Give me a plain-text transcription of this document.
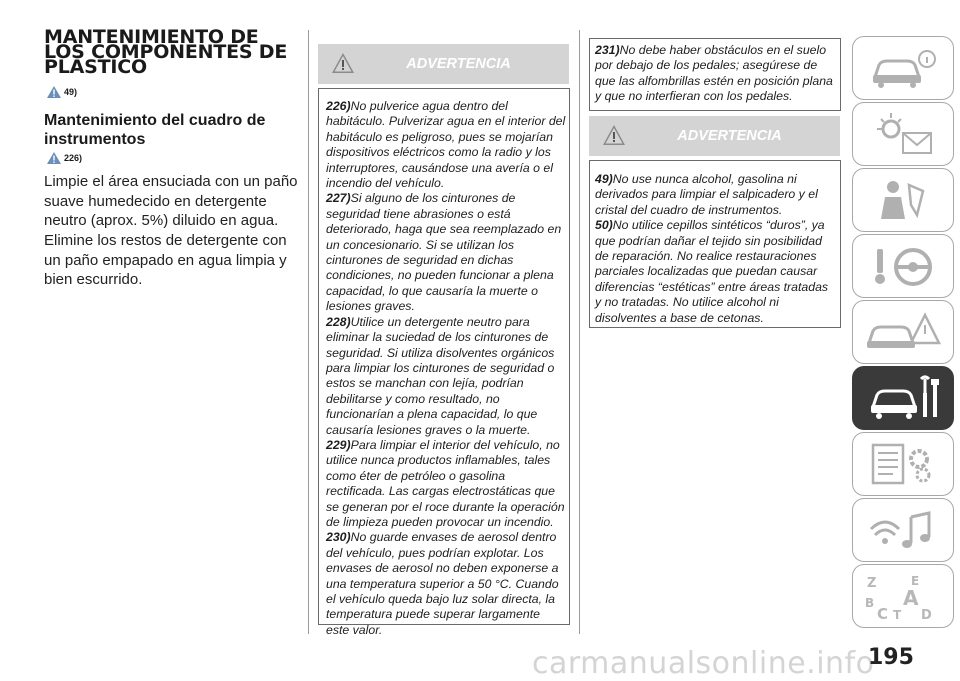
MANTENIMIENTO DE LOS COMPONENTES DE PLÁSTICO
49)
Mantenimiento del cuadro de instrumentos
226)
Limpie el área ensuciada con un paño suave humedecido en detergente neutro (aprox. 5%) diluido en agua.
Elimine los restos de detergente con un paño empapado en agua limpia y bien escurrido.
ADVERTENCIA
226)No pulverice agua dentro del habitáculo. Pulverizar agua en el interior del habitáculo es peligroso, pues se mojarían dispositivos eléctricos como la radio y los interruptores, causándose una avería o el incendio del vehículo.
227)Si alguno de los cinturones de seguridad tiene abrasiones o está deteriorado, haga que sea reemplazado en un concesionario. Si se utilizan los cinturones de seguridad en dichas condiciones, no pueden funcionar a plena capacidad, lo que causaría la muerte o lesiones graves.
228)Utilice un detergente neutro para eliminar la suciedad de los cinturones de seguridad. Si utiliza disolventes orgánicos para limpiar los cinturones de seguridad o estos se manchan con lejía, podrían debilitarse y como resultado, no funcionarían a plena capacidad, lo que causaría lesiones graves o la muerte.
229)Para limpiar el interior del vehículo, no utilice nunca productos inflamables, tales como éter de petróleo o gasolina rectificada. Las cargas electrostáticas que se generan por el roce durante la operación de limpieza pueden provocar un incendio.
230)No guarde envases de aerosol dentro del vehículo, pues podrían explotar. Los envases de aerosol no deben exponerse a una temperatura superior a 50 °C. Cuando el vehículo queda bajo luz solar directa, la temperatura puede superar largamente este valor.
231)No debe haber obstáculos en el suelo por debajo de los pedales; asegúrese de que las alfombrillas estén en posición plana y que no interfieran con los pedales.
ADVERTENCIA
49)No use nunca alcohol, gasolina ni derivados para limpiar el salpicadero y el cristal del cuadro de instrumentos.
50)No utilice cepillos sintéticos “duros”, ya que podrían dañar el tejido sin posibilidad de reparación. No realice restauraciones parciales localizadas que puedan causar diferencias “estéticas” entre áreas tratadas y no tratadas. No utilice alcohol ni disolventes a base de cetonas.
Z	E
B A
C T D
carmanualsonline.info
195
